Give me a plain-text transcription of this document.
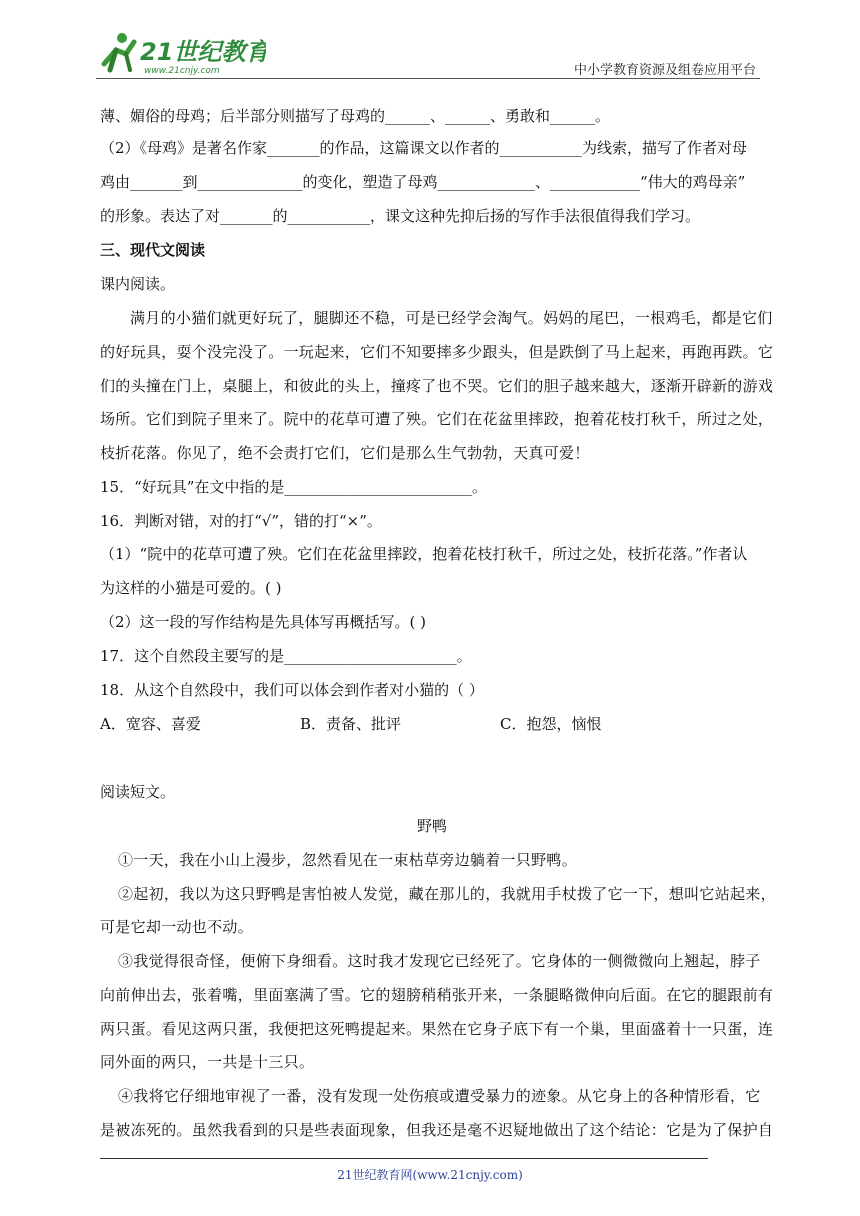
21世纪教育
www.21cnjy.com	中小学教育资源及组卷应用平台
薄、媚俗的母鸡；后半部分则描写了母鸡的______、______、勇敢和______。
（2）《母鸡》是著名作家_______的作品，这篇课文以作者的___________为线索，描写了作者对母
鸡由_______到______________的变化，塑造了母鸡_____________、____________“伟大的鸡母亲”
的形象。表达了对_______的___________，课文这种先抑后扬的写作手法很值得我们学习。
三、现代文阅读
课内阅读。
满月的小猫们就更好玩了，腿脚还不稳，可是已经学会淘气。妈妈的尾巴，一根鸡毛，都是它们
的好玩具，耍个没完没了。一玩起来，它们不知要摔多少跟头，但是跌倒了马上起来，再跑再跌。它
们的头撞在门上，桌腿上，和彼此的头上，撞疼了也不哭。它们的胆子越来越大，逐渐开辟新的游戏
场所。它们到院子里来了。院中的花草可遭了殃。它们在花盆里摔跤，抱着花枝打秋千，所过之处，
枝折花落。你见了，绝不会责打它们，它们是那么生气勃勃，天真可爱！
15．“好玩具”在文中指的是_________________________。
16．判断对错，对的打“√”，错的打“×”。
（1）“院中的花草可遭了殃。它们在花盆里摔跤，抱着花枝打秋千，所过之处，枝折花落。”作者认
为这样的小猫是可爱的。( )
（2）这一段的写作结构是先具体写再概括写。( )
17．这个自然段主要写的是_______________________。
18．从这个自然段中，我们可以体会到作者对小猫的（ ）
A．宽容、喜爱	B．责备、批评	C．抱怨，恼恨
阅读短文。
野鸭
①一天，我在小山上漫步，忽然看见在一束枯草旁边躺着一只野鸭。
②起初，我以为这只野鸭是害怕被人发觉，藏在那儿的，我就用手杖拨了它一下，想叫它站起来，
可是它却一动也不动。
③我觉得很奇怪，便俯下身细看。这时我才发现它已经死了。它身体的一侧微微向上翘起，脖子
向前伸出去，张着嘴，里面塞满了雪。它的翅膀稍稍张开来，一条腿略微伸向后面。在它的腿跟前有
两只蛋。看见这两只蛋，我便把这死鸭提起来。果然在它身子底下有一个巢，里面盛着十一只蛋，连
同外面的两只，一共是十三只。
④我将它仔细地审视了一番，没有发现一处伤痕或遭受暴力的迹象。从它身上的各种情形看，它
是被冻死的。虽然我看到的只是些表面现象，但我还是毫不迟疑地做出了这个结论：它是为了保护自
21世纪教育网(www.21cnjy.com)
